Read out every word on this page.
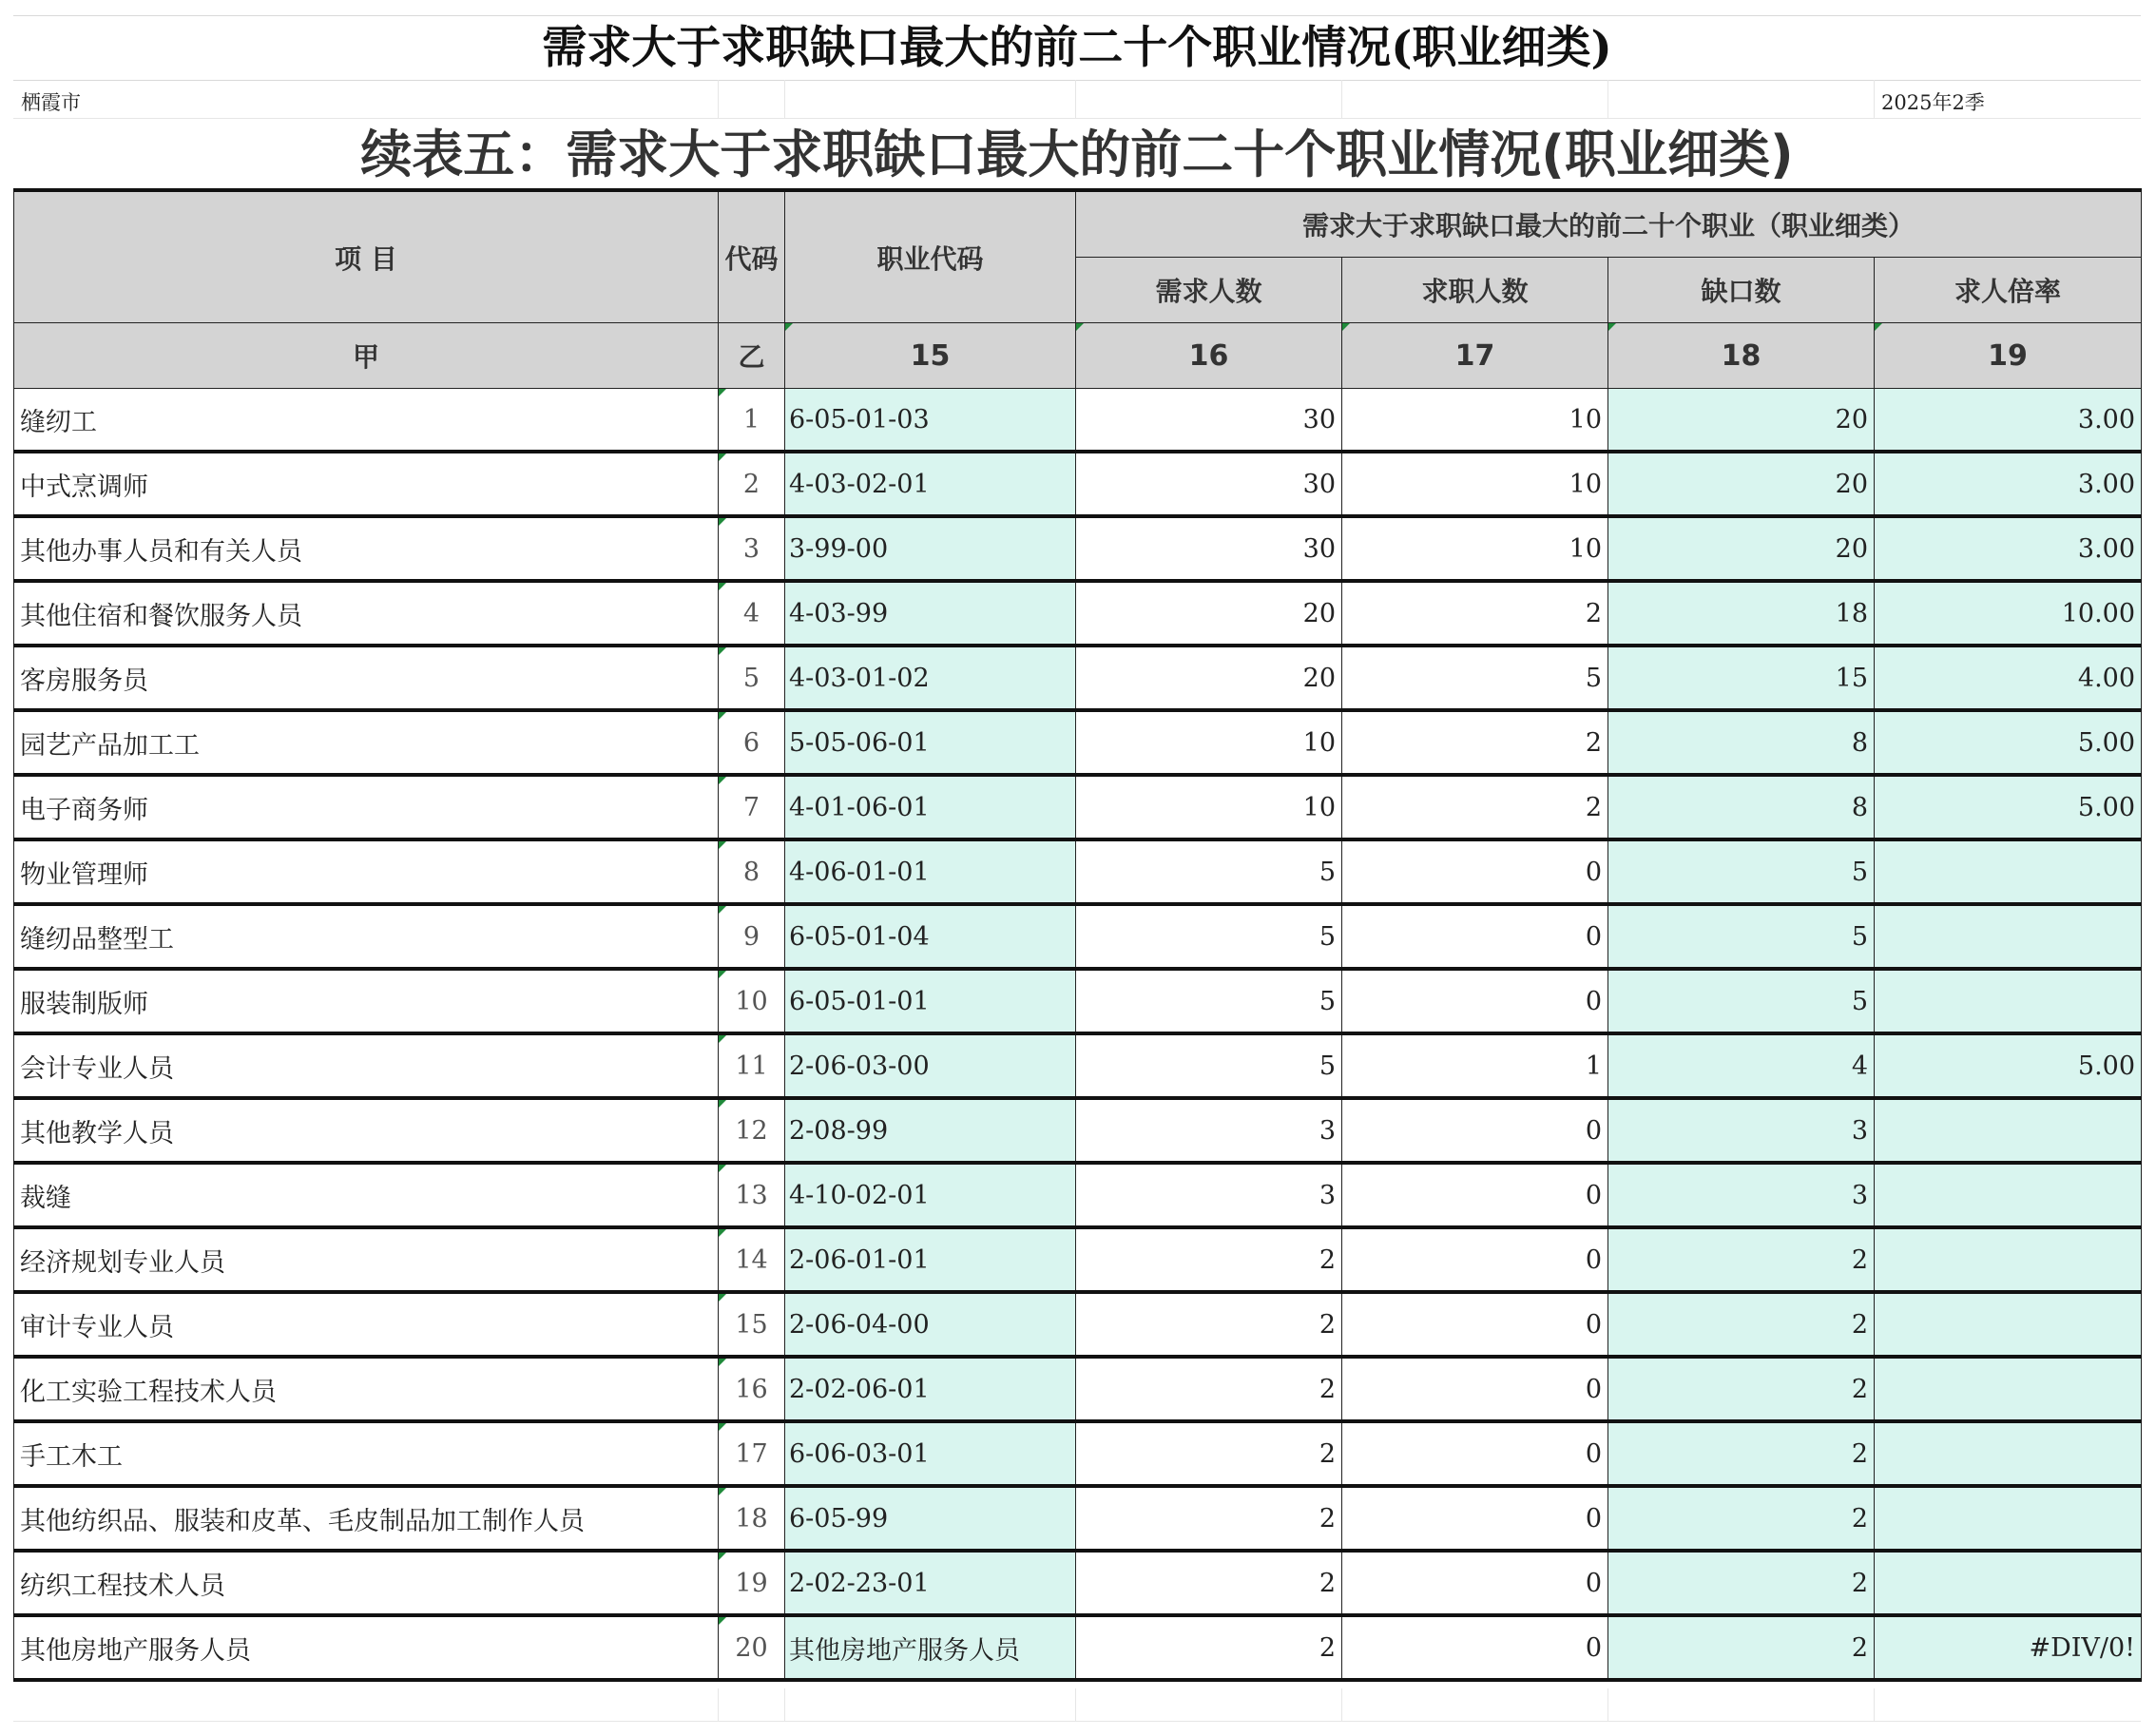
需求大于求职缺口最大的前二十个职业情况(职业细类)
栖霞市	2025年2季
续表五：需求大于求职缺口最大的前二十个职业情况(职业细类)
项 目	代码	职业代码	需求大于求职缺口最大的前二十个职业（职业细类）			
			需求人数	求职人数	缺口数	求人倍率
甲	乙	15	16	17	18	19
缝纫工	1	6-05-01-03	30	10	20	3.00
中式烹调师	2	4-03-02-01	30	10	20	3.00
其他办事人员和有关人员	3	3-99-00	30	10	20	3.00
其他住宿和餐饮服务人员	4	4-03-99	20	2	18	10.00
客房服务员	5	4-03-01-02	20	5	15	4.00
园艺产品加工工	6	5-05-06-01	10	2	8	5.00
电子商务师	7	4-01-06-01	10	2	8	5.00
物业管理师	8	4-06-01-01	5	0	5	
缝纫品整型工	9	6-05-01-04	5	0	5	
服装制版师	10	6-05-01-01	5	0	5	
会计专业人员	11	2-06-03-00	5	1	4	5.00
其他教学人员	12	2-08-99	3	0	3	
裁缝	13	4-10-02-01	3	0	3	
经济规划专业人员	14	2-06-01-01	2	0	2	
审计专业人员	15	2-06-04-00	2	0	2	
化工实验工程技术人员	16	2-02-06-01	2	0	2	
手工木工	17	6-06-03-01	2	0	2	
其他纺织品、服装和皮革、毛皮制品加工制作人员	18	6-05-99	2	0	2	
纺织工程技术人员	19	2-02-23-01	2	0	2	
其他房地产服务人员	20	其他房地产服务人员	2	0	2	#DIV/0!
